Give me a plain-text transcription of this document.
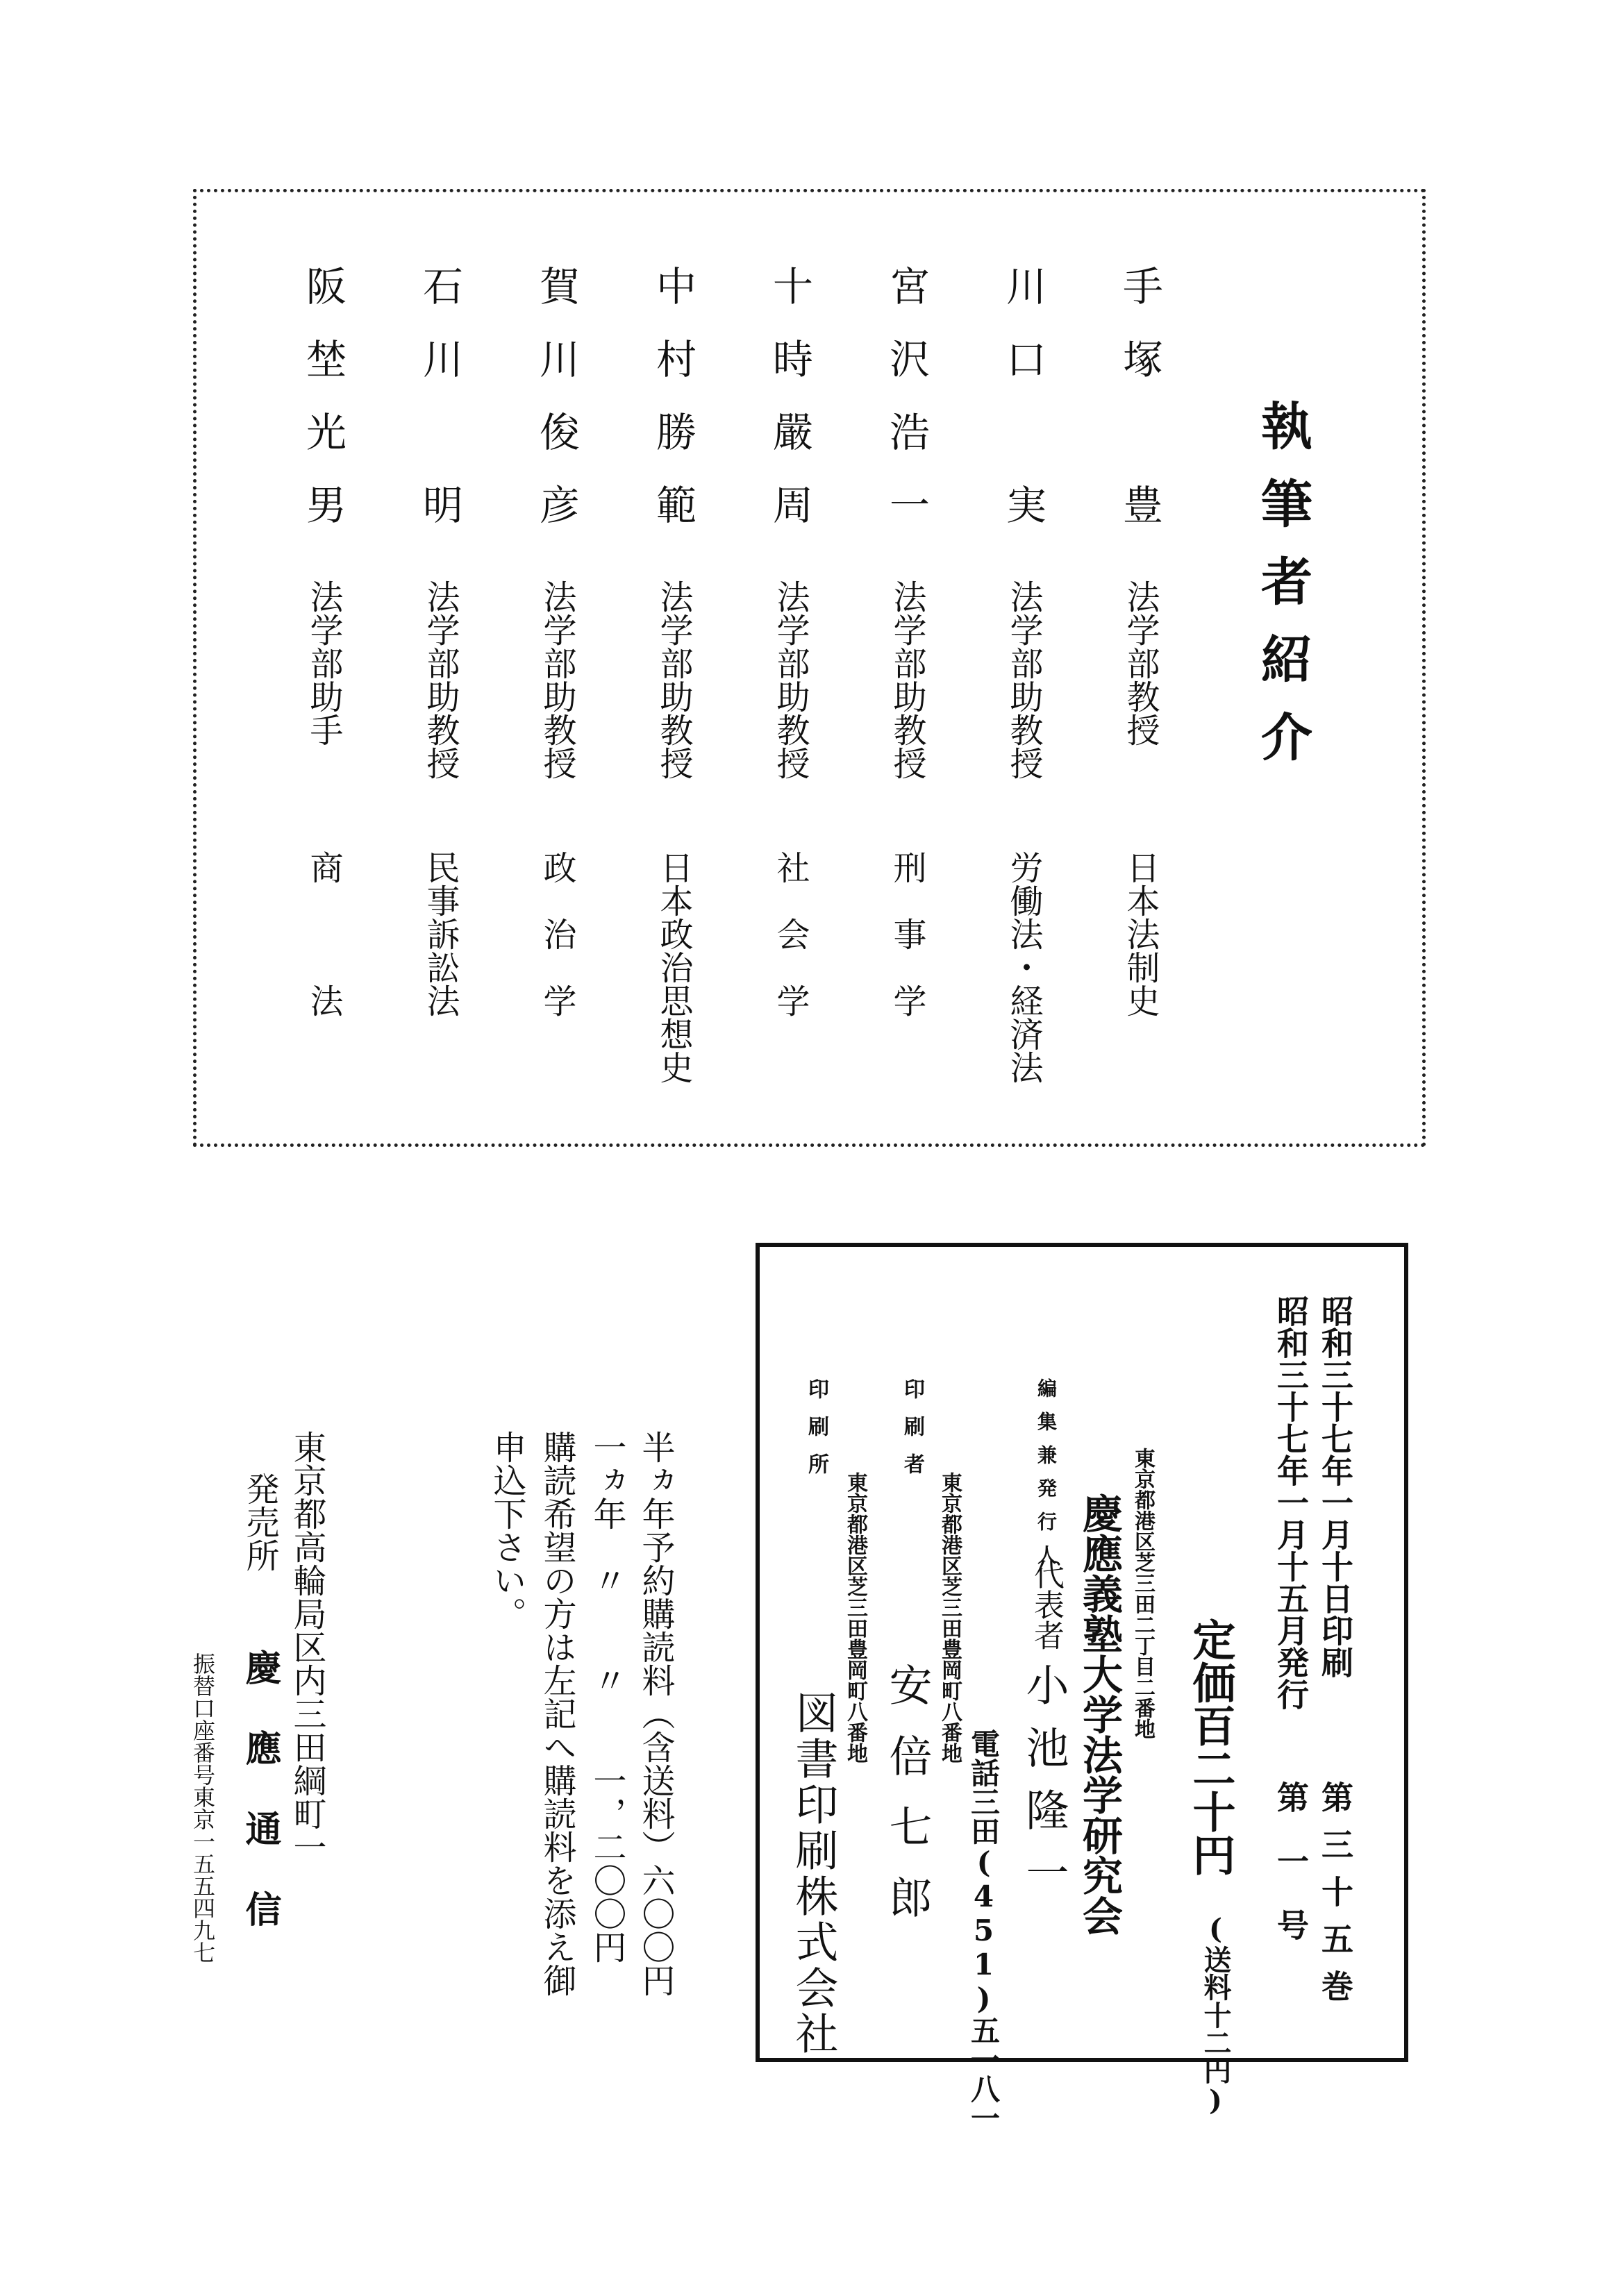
執筆者紹介
手塚　豊
法学部教授
日本法制史
川口　実
法学部助教授
労働法・経済法
宮沢浩一
法学部助教授
刑　事　学
十時嚴周
法学部助教授
社　会　学
中村勝範
法学部助教授
日本政治思想史
賀川俊彦
法学部助教授
政　治　学
石川　明
法学部助教授
民事訴訟法
阪埜光男
法学部助手
商　　　法
昭和三十七年一月十日印刷
昭和三十七年一月十五月発行
第三十五巻
第　一　号
定価百二十円
(送料十二円)
編集兼発行人	東京都港区芝三田二丁目二番地
慶應義塾大学法学研究会
代表者
小池隆一
電話三田(451)五一八一
印刷者
東京都港区芝三田豊岡町八番地
安倍七郎
印刷所
東京都港区芝三田豊岡町八番地
図書印刷株式会社
半ヵ年予約購読料（含送料）六〇〇円
一ヵ年　〃　　〃　　一，二〇〇円
購読希望の方は左記へ購読料を添え御
申込下さい。
東京都高輪局区内三田綱町一
発売所
慶　應　通　信
振替口座番号東京一五五四九七
